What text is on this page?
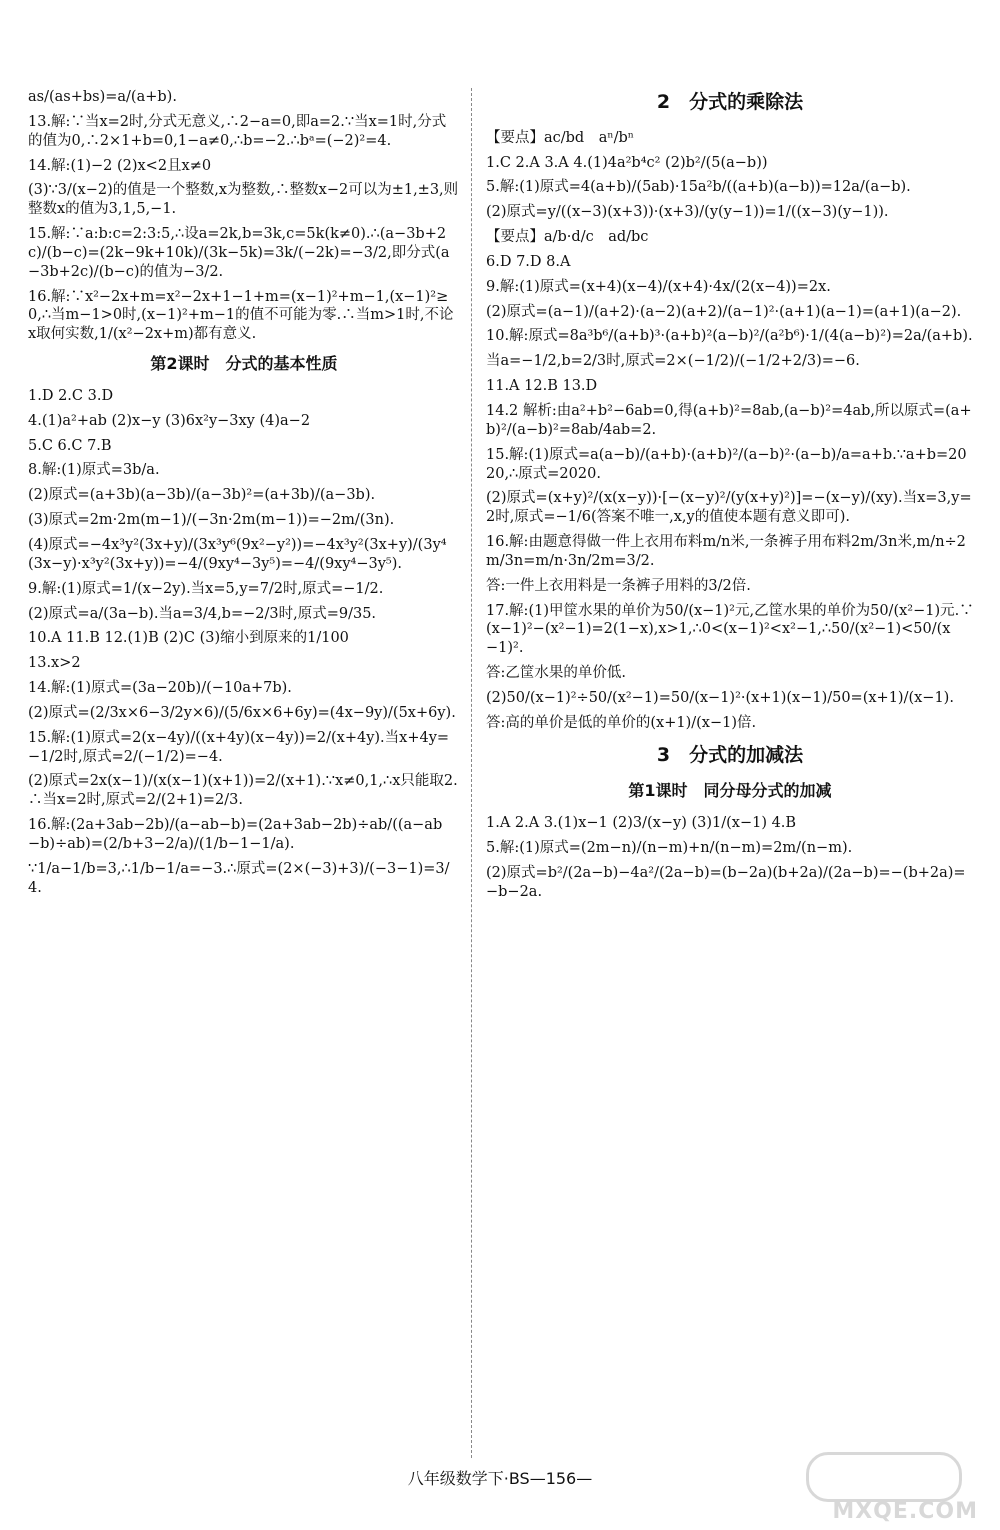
as/(as+bs)=a/(a+b).
13.解:∵当x=2时,分式无意义,∴2−a=0,即a=2.∵当x=1时,分式的值为0,∴2×1+b=0,1−a≠0,∴b=−2.∴bᵃ=(−2)²=4.
14.解:(1)−2 (2)x<2且x≠0
(3)∵3/(x−2)的值是一个整数,x为整数,∴整数x−2可以为±1,±3,则整数x的值为3,1,5,−1.
15.解:∵a:b:c=2:3:5,∴设a=2k,b=3k,c=5k(k≠0).∴(a−3b+2c)/(b−c)=(2k−9k+10k)/(3k−5k)=3k/(−2k)=−3/2,即分式(a−3b+2c)/(b−c)的值为−3/2.
16.解:∵x²−2x+m=x²−2x+1−1+m=(x−1)²+m−1,(x−1)²≥0,∴当m−1>0时,(x−1)²+m−1的值不可能为零.∴当m>1时,不论x取何实数,1/(x²−2x+m)都有意义.
第2课时　分式的基本性质
1.D 2.C 3.D
4.(1)a²+ab (2)x−y (3)6x²y−3xy (4)a−2
5.C 6.C 7.B
8.解:(1)原式=3b/a.
(2)原式=(a+3b)(a−3b)/(a−3b)²=(a+3b)/(a−3b).
(3)原式=2m·2m(m−1)/(−3n·2m(m−1))=−2m/(3n).
(4)原式=−4x³y²(3x+y)/(3x³y⁶(9x²−y²))=−4x³y²(3x+y)/(3y⁴(3x−y)·x³y²(3x+y))=−4/(9xy⁴−3y⁵)=−4/(9xy⁴−3y⁵).
9.解:(1)原式=1/(x−2y).当x=5,y=7/2时,原式=−1/2.
(2)原式=a/(3a−b).当a=3/4,b=−2/3时,原式=9/35.
10.A 11.B 12.(1)B (2)C (3)缩小到原来的1/100
13.x>2
14.解:(1)原式=(3a−20b)/(−10a+7b).
(2)原式=(2/3x×6−3/2y×6)/(5/6x×6+6y)=(4x−9y)/(5x+6y).
15.解:(1)原式=2(x−4y)/((x+4y)(x−4y))=2/(x+4y).当x+4y=−1/2时,原式=2/(−1/2)=−4.
(2)原式=2x(x−1)/(x(x−1)(x+1))=2/(x+1).∵x≠0,1,∴x只能取2.∴当x=2时,原式=2/(2+1)=2/3.
16.解:(2a+3ab−2b)/(a−ab−b)=(2a+3ab−2b)÷ab/((a−ab−b)÷ab)=(2/b+3−2/a)/(1/b−1−1/a).
∵1/a−1/b=3,∴1/b−1/a=−3.∴原式=(2×(−3)+3)/(−3−1)=3/4.
2　分式的乘除法
【要点】ac/bd　aⁿ/bⁿ
1.C 2.A 3.A 4.(1)4a²b⁴c² (2)b²/(5(a−b))
5.解:(1)原式=4(a+b)/(5ab)·15a²b/((a+b)(a−b))=12a/(a−b).
(2)原式=y/((x−3)(x+3))·(x+3)/(y(y−1))=1/((x−3)(y−1)).
【要点】a/b·d/c　ad/bc
6.D 7.D 8.A
9.解:(1)原式=(x+4)(x−4)/(x+4)·4x/(2(x−4))=2x.
(2)原式=(a−1)/(a+2)·(a−2)(a+2)/(a−1)²·(a+1)(a−1)=(a+1)(a−2).
10.解:原式=8a³b⁶/(a+b)³·(a+b)²(a−b)²/(a²b⁶)·1/(4(a−b)²)=2a/(a+b).
当a=−1/2,b=2/3时,原式=2×(−1/2)/(−1/2+2/3)=−6.
11.A 12.B 13.D
14.2 解析:由a²+b²−6ab=0,得(a+b)²=8ab,(a−b)²=4ab,所以原式=(a+b)²/(a−b)²=8ab/4ab=2.
15.解:(1)原式=a(a−b)/(a+b)·(a+b)²/(a−b)²·(a−b)/a=a+b.∵a+b=2020,∴原式=2020.
(2)原式=(x+y)²/(x(x−y))·[−(x−y)²/(y(x+y)²)]=−(x−y)/(xy).当x=3,y=2时,原式=−1/6(答案不唯一,x,y的值使本题有意义即可).
16.解:由题意得做一件上衣用布料m/n米,一条裤子用布料2m/3n米,m/n÷2m/3n=m/n·3n/2m=3/2.
答:一件上衣用料是一条裤子用料的3/2倍.
17.解:(1)甲筐水果的单价为50/(x−1)²元,乙筐水果的单价为50/(x²−1)元.∵(x−1)²−(x²−1)=2(1−x),x>1,∴0<(x−1)²<x²−1,∴50/(x²−1)<50/(x−1)².
答:乙筐水果的单价低.
(2)50/(x−1)²÷50/(x²−1)=50/(x−1)²·(x+1)(x−1)/50=(x+1)/(x−1).
答:高的单价是低的单价的(x+1)/(x−1)倍.
3　分式的加减法
第1课时　同分母分式的加减
1.A 2.A 3.(1)x−1 (2)3/(x−y) (3)1/(x−1) 4.B
5.解:(1)原式=(2m−n)/(n−m)+n/(n−m)=2m/(n−m).
(2)原式=b²/(2a−b)−4a²/(2a−b)=(b−2a)(b+2a)/(2a−b)=−(b+2a)=−b−2a.
八年级数学下·BS—156—
MXQE.COM
